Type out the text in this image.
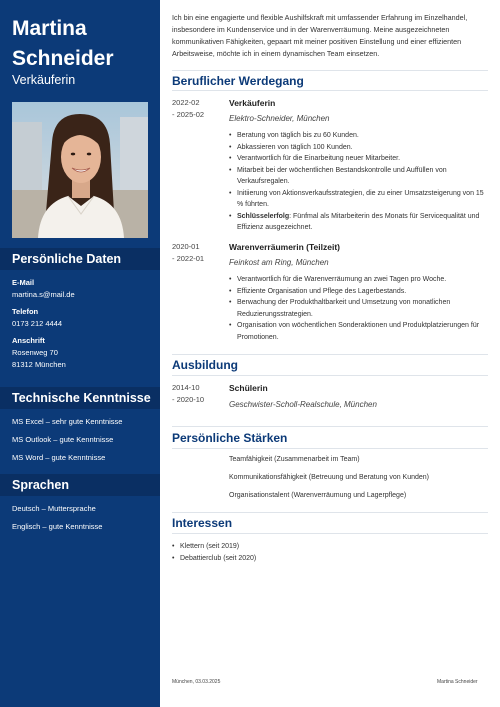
Martina
Schneider
Verkäuferin
Persönliche Daten
E-Mail
martina.s@mail.de
Telefon
0173 212 4444
Anschrift
Rosenweg 70
81312 München
Technische Kenntnisse
MS Excel – sehr gute Kenntnisse
MS Outlook – gute Kenntnisse
MS Word – gute Kenntnisse
Sprachen
Deutsch – Muttersprache
Englisch – gute Kenntnisse
Ich bin eine engagierte und flexible Aushilfskraft mit umfassender Erfahrung im Einzelhandel, insbesondere im Kundenservice und in der Warenverräumung. Meine ausgezeichneten kommunikativen Fähigkeiten, gepaart mit meiner positiven Einstellung und einer effizienten Arbeitsweise, möchte ich in einem dynamischen Team einsetzen.
Beruflicher Werdegang
2022-02
- 2025-02
Verkäuferin
Elektro-Schneider, München
• Beratung von täglich bis zu 60 Kunden.
• Abkassieren von täglich 100 Kunden.
• Verantwortlich für die Einarbeitung neuer Mitarbeiter.
• Mitarbeit bei der wöchentlichen Bestandskontrolle und Auffüllen von Verkaufsregalen.
• Initiierung von Aktionsverkaufsstrategien, die zu einer Umsatzsteigerung von 15 % führten.
• Schlüsselerfolg: Fünfmal als Mitarbeiterin des Monats für Servicequalität und Effizienz ausgezeichnet.
2020-01
- 2022-01
Warenverräumerin (Teilzeit)
Feinkost am Ring, München
• Verantwortlich für die Warenverräumung an zwei Tagen pro Woche.
• Effiziente Organisation und Pflege des Lagerbestands.
• Berwachung der Produkthaltbarkeit und Umsetzung von monatlichen Reduzierungsstrategien.
• Organisation von wöchentlichen Sonderaktionen und Produktplatzierungen für Promotionen.
Ausbildung
2014-10
- 2020-10
Schülerin
Geschwister-Scholl-Realschule, München
Persönliche Stärken
Teamfähigkeit (Zusammenarbeit im Team)
Kommunikationsfähigkeit (Betreuung und Beratung von Kunden)
Organisationstalent (Warenverräumung und Lagerpflege)
Interessen
• Klettern (seit 2019)
• Debattierclub (seit 2020)
München, 03.03.2025	Martina Schneider
